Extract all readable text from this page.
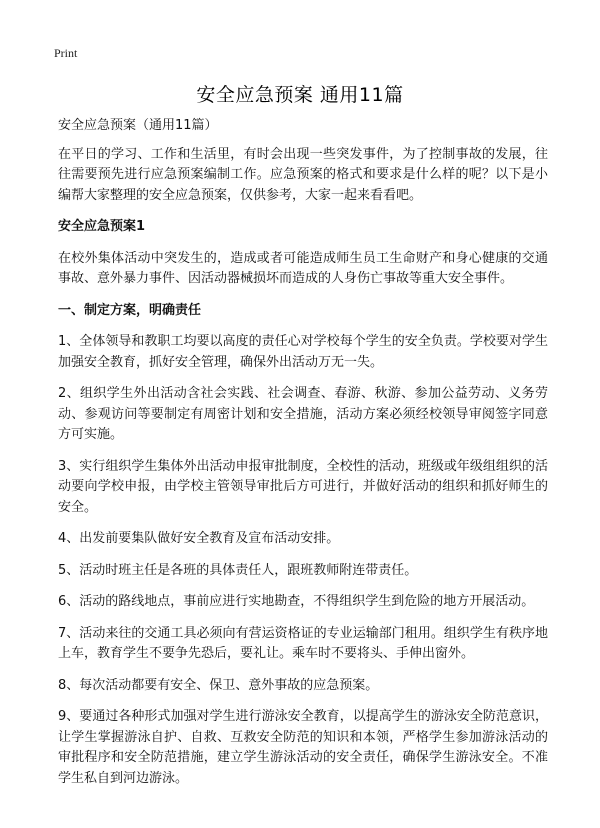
Print
安全应急预案 通用11篇

安全应急预案（通用11篇）

在平日的学习、工作和生活里，有时会出现一些突发事件，为了控制事故的发展，往往需要预先进行应急预案编制工作。应急预案的格式和要求是什么样的呢？以下是小编帮大家整理的安全应急预案，仅供参考，大家一起来看看吧。

安全应急预案1

在校外集体活动中突发生的，造成或者可能造成师生员工生命财产和身心健康的交通事故、意外暴力事件、因活动器械损坏而造成的人身伤亡事故等重大安全事件。

一、制定方案，明确责任

1、全体领导和教职工均要以高度的责任心对学校每个学生的安全负责。学校要对学生加强安全教育，抓好安全管理，确保外出活动万无一失。

2、组织学生外出活动含社会实践、社会调查、春游、秋游、参加公益劳动、义务劳动、参观访问等要制定有周密计划和安全措施，活动方案必须经校领导审阅签字同意方可实施。

3、实行组织学生集体外出活动申报审批制度，全校性的活动，班级或年级组组织的活动要向学校申报，由学校主管领导审批后方可进行，并做好活动的组织和抓好师生的安全。

4、出发前要集队做好安全教育及宣布活动安排。

5、活动时班主任是各班的具体责任人，跟班教师附连带责任。

6、活动的路线地点，事前应进行实地勘查，不得组织学生到危险的地方开展活动。

7、活动来往的交通工具必须向有营运资格证的专业运输部门租用。组织学生有秩序地上车，教育学生不要争先恐后，要礼让。乘车时不要将头、手伸出窗外。

8、每次活动都要有安全、保卫、意外事故的应急预案。

9、要通过各种形式加强对学生进行游泳安全教育，以提高学生的游泳安全防范意识，让学生掌握游泳自护、自救、互救安全防范的知识和本领，严格学生参加游泳活动的审批程序和安全防范措施，建立学生游泳活动的安全责任，确保学生游泳安全。不准学生私自到河边游泳。
